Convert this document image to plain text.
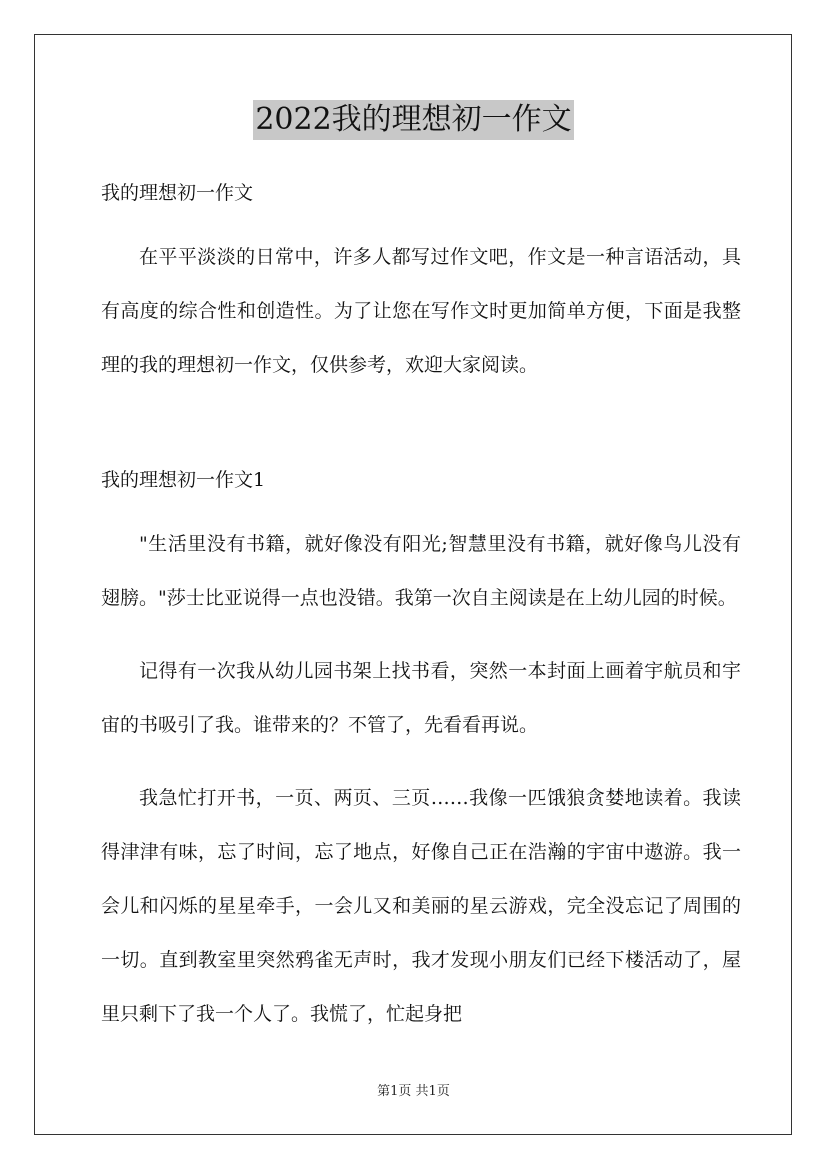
2022我的理想初一作文

我的理想初一作文

在平平淡淡的日常中，许多人都写过作文吧，作文是一种言语活动，具有高度的综合性和创造性。为了让您在写作文时更加简单方便，下面是我整理的我的理想初一作文，仅供参考，欢迎大家阅读。

我的理想初一作文1

"生活里没有书籍，就好像没有阳光;智慧里没有书籍，就好像鸟儿没有翅膀。"莎士比亚说得一点也没错。我第一次自主阅读是在上幼儿园的时候。

记得有一次我从幼儿园书架上找书看，突然一本封面上画着宇航员和宇宙的书吸引了我。谁带来的？不管了，先看看再说。

我急忙打开书，一页、两页、三页……我像一匹饿狼贪婪地读着。我读得津津有味，忘了时间，忘了地点，好像自己正在浩瀚的宇宙中遨游。我一会儿和闪烁的星星牵手，一会儿又和美丽的星云游戏，完全没忘记了周围的一切。直到教室里突然鸦雀无声时，我才发现小朋友们已经下楼活动了，屋里只剩下了我一个人了。我慌了，忙起身把

第1页 共1页
